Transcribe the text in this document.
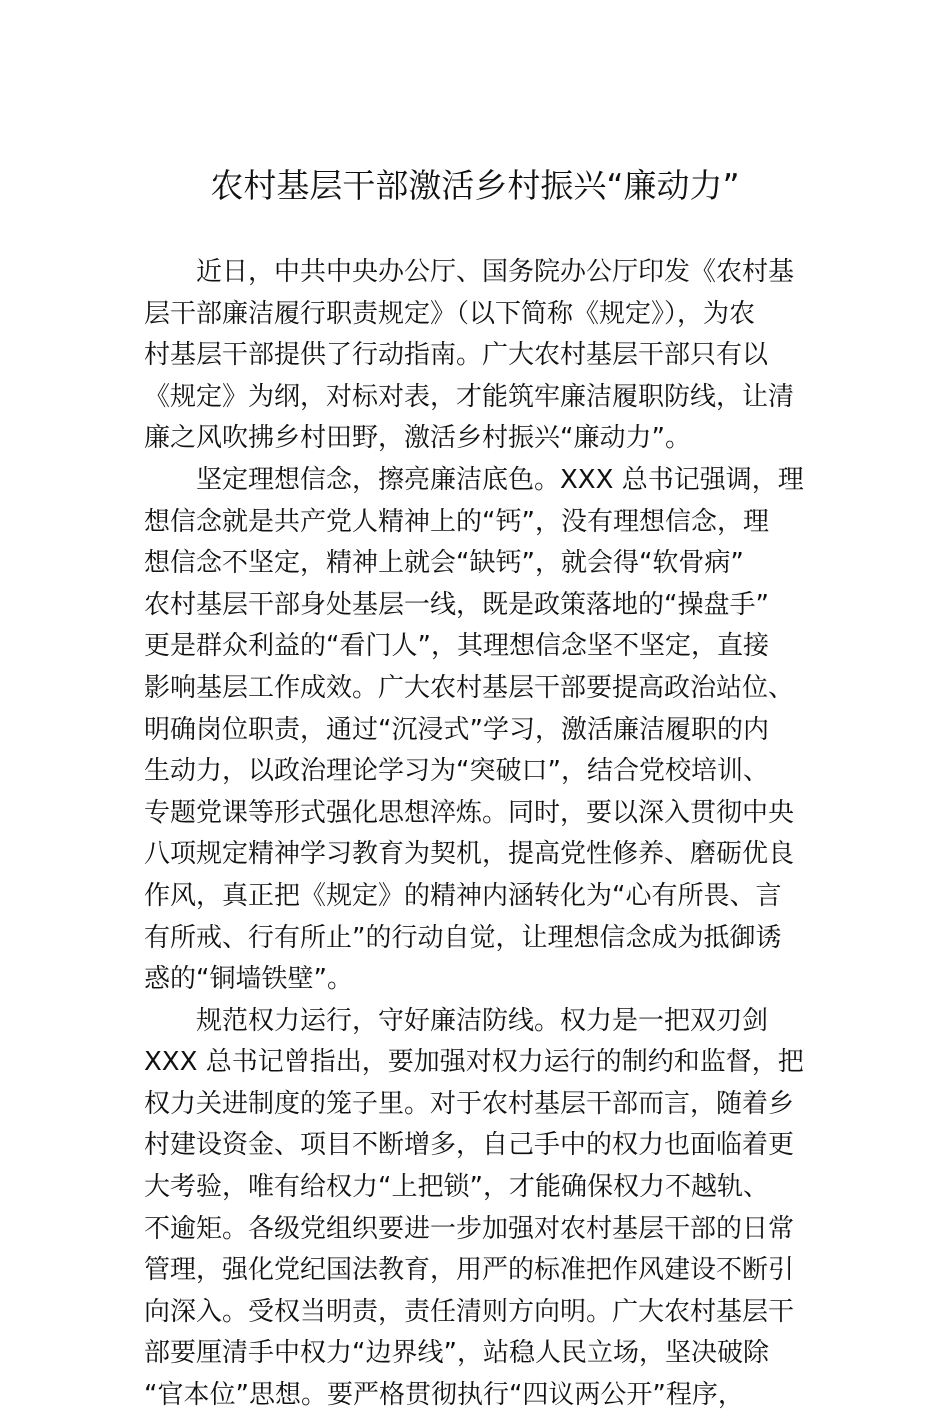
农村基层干部激活乡村振兴“廉动力”
近日，中共中央办公厅、国务院办公厅印发《农村基
层干部廉洁履行职责规定》（以下简称《规定》），为农
村基层干部提供了行动指南。广大农村基层干部只有以
《规定》为纲，对标对表，才能筑牢廉洁履职防线，让清
廉之风吹拂乡村田野，激活乡村振兴“廉动力”。
坚定理想信念，擦亮廉洁底色。XXX 总书记强调，理
想信念就是共产党人精神上的“钙”，没有理想信念，理
想信念不坚定，精神上就会“缺钙”，就会得“软骨病”
农村基层干部身处基层一线，既是政策落地的“操盘手”
更是群众利益的“看门人”，其理想信念坚不坚定，直接
影响基层工作成效。广大农村基层干部要提高政治站位、
明确岗位职责，通过“沉浸式”学习，激活廉洁履职的内
生动力，以政治理论学习为“突破口”，结合党校培训、
专题党课等形式强化思想淬炼。同时，要以深入贯彻中央
八项规定精神学习教育为契机，提高党性修养、磨砺优良
作风，真正把《规定》的精神内涵转化为“心有所畏、言
有所戒、行有所止”的行动自觉，让理想信念成为抵御诱
惑的“铜墙铁壁”。
规范权力运行，守好廉洁防线。权力是一把双刃剑
XXX 总书记曾指出，要加强对权力运行的制约和监督，把
权力关进制度的笼子里。对于农村基层干部而言，随着乡
村建设资金、项目不断增多，自己手中的权力也面临着更
大考验，唯有给权力“上把锁”，才能确保权力不越轨、
不逾矩。各级党组织要进一步加强对农村基层干部的日常
管理，强化党纪国法教育，用严的标准把作风建设不断引
向深入。受权当明责，责任清则方向明。广大农村基层干
部要厘清手中权力“边界线”，站稳人民立场，坚决破除
“官本位”思想。要严格贯彻执行“四议两公开”程序，
